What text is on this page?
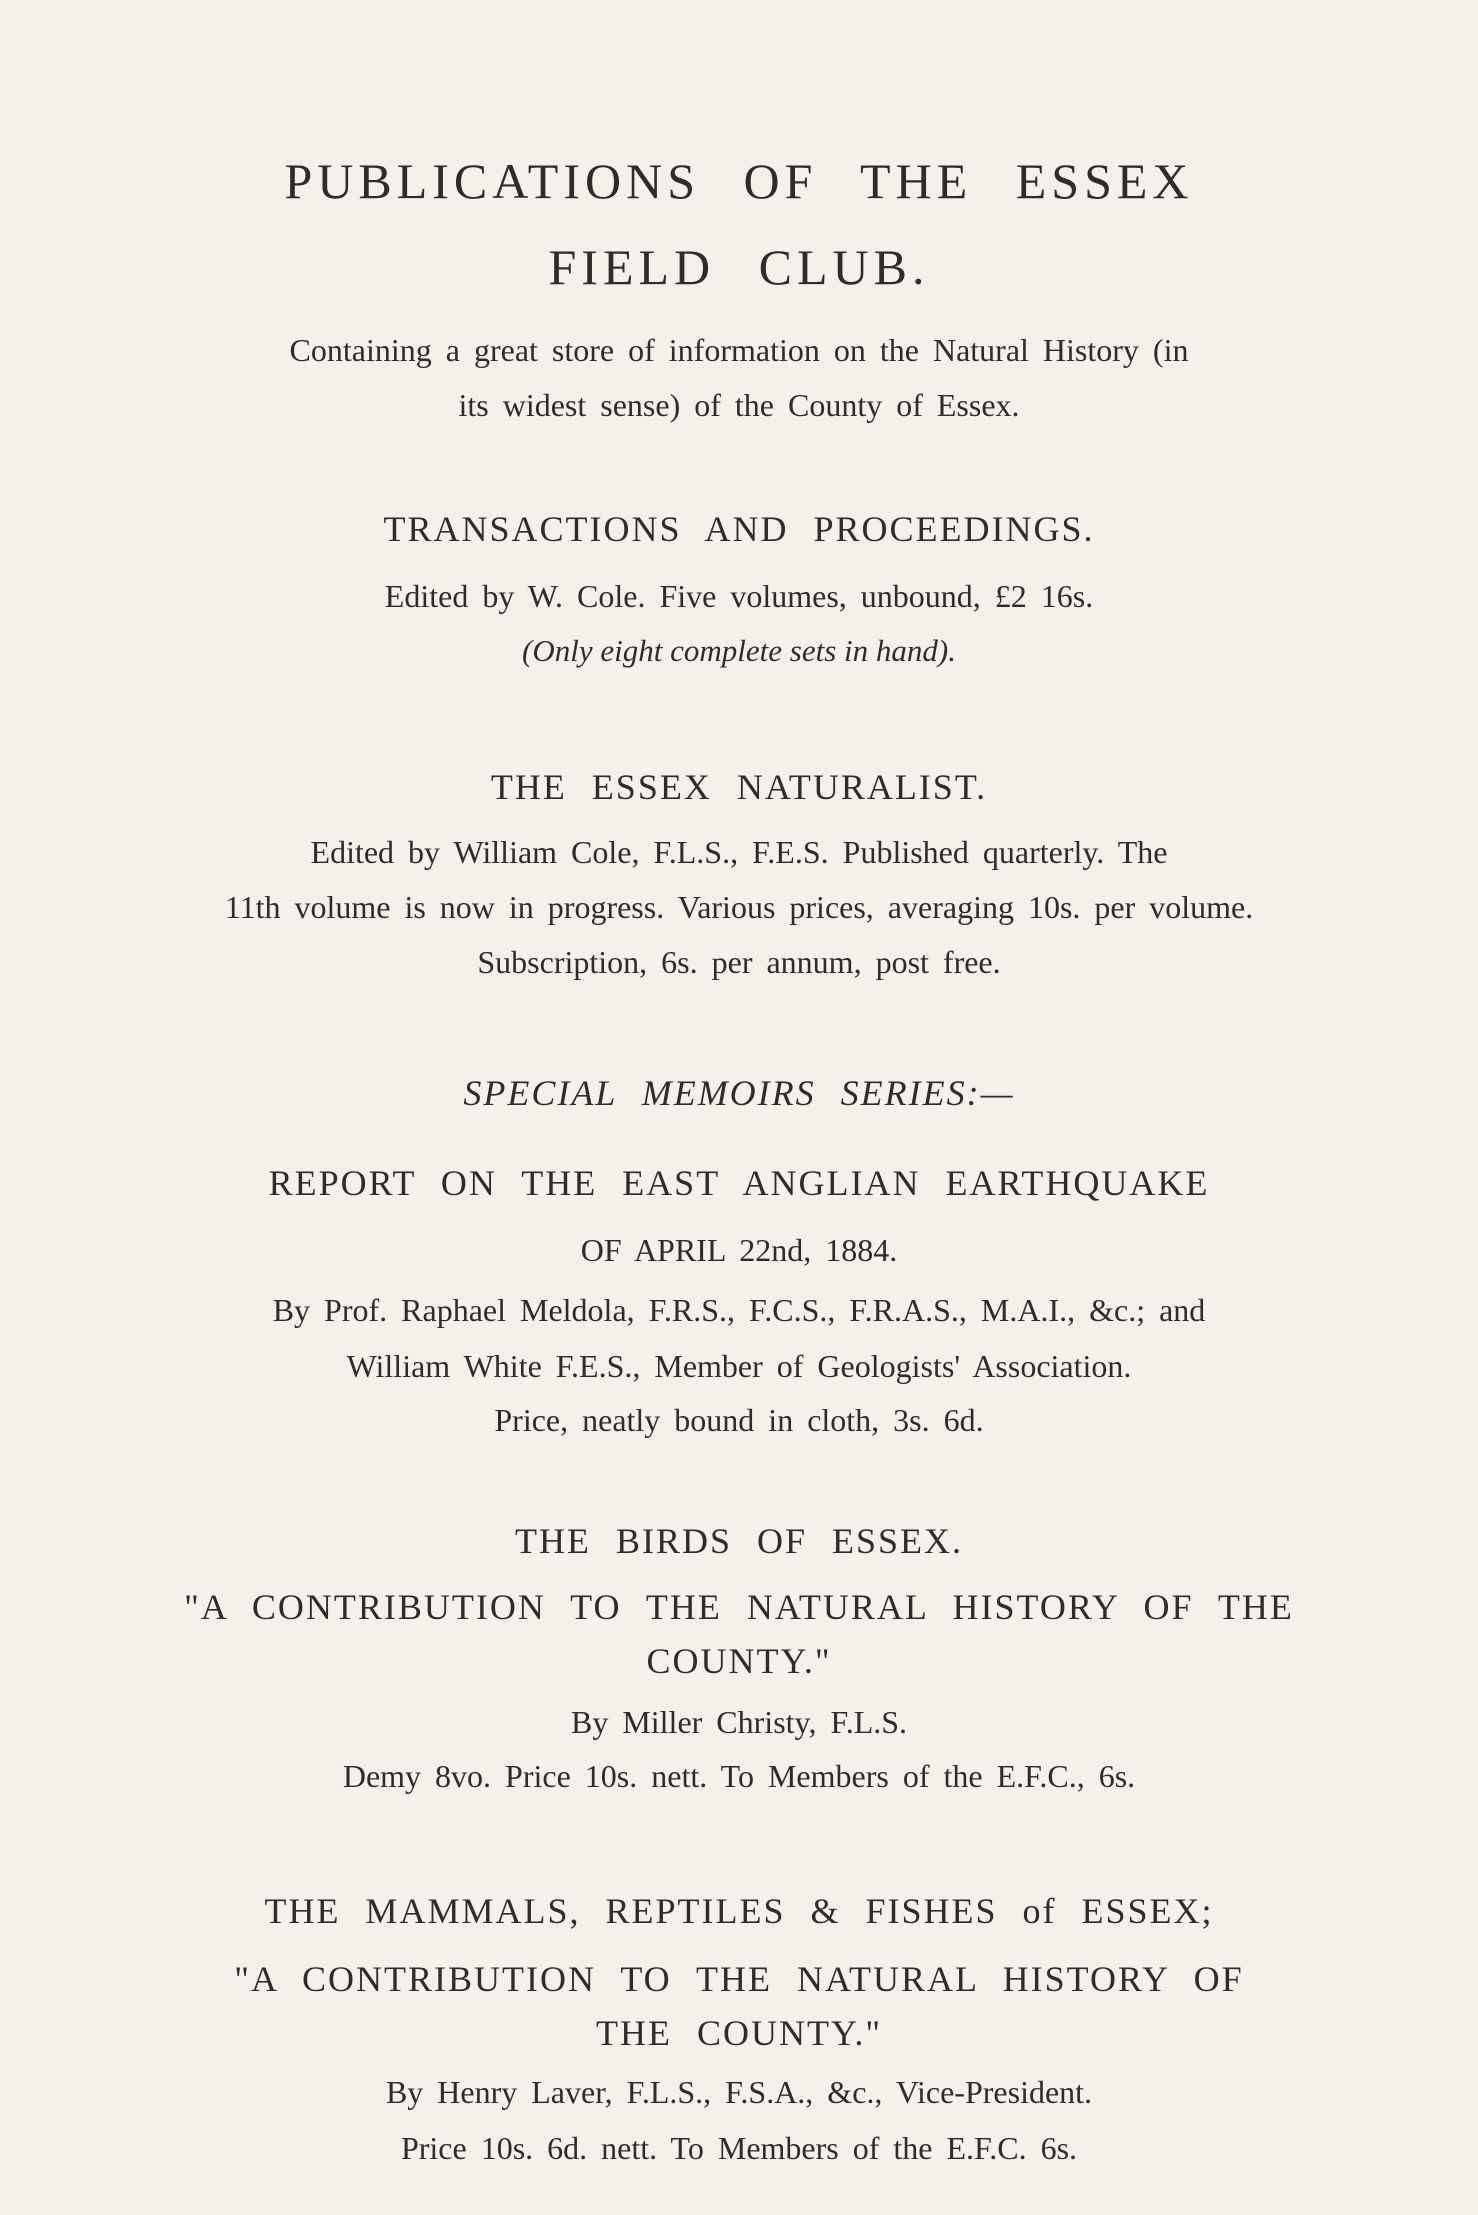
PUBLICATIONS OF THE ESSEX
FIELD CLUB.
Containing a great store of information on the Natural History (in
its widest sense) of the County of Essex.
TRANSACTIONS AND PROCEEDINGS.
Edited by W. Cole. Five volumes, unbound, £2 16s.
(Only eight complete sets in hand).
THE ESSEX NATURALIST.
Edited by William Cole, F.L.S., F.E.S. Published quarterly. The
11th volume is now in progress. Various prices, averaging 10s. per volume.
Subscription, 6s. per annum, post free.
SPECIAL MEMOIRS SERIES:—
REPORT ON THE EAST ANGLIAN EARTHQUAKE
OF APRIL 22nd, 1884.
By Prof. Raphael Meldola, F.R.S., F.C.S., F.R.A.S., M.A.I., &c.; and
William White F.E.S., Member of Geologists' Association.
Price, neatly bound in cloth, 3s. 6d.
THE BIRDS OF ESSEX.
"A CONTRIBUTION TO THE NATURAL HISTORY OF THE
COUNTY."
By Miller Christy, F.L.S.
Demy 8vo. Price 10s. nett. To Members of the E.F.C., 6s.
THE MAMMALS, REPTILES & FISHES of ESSEX;
"A CONTRIBUTION TO THE NATURAL HISTORY OF
THE COUNTY."
By Henry Laver, F.L.S., F.S.A., &c., Vice-President.
Price 10s. 6d. nett. To Members of the E.F.C. 6s.
